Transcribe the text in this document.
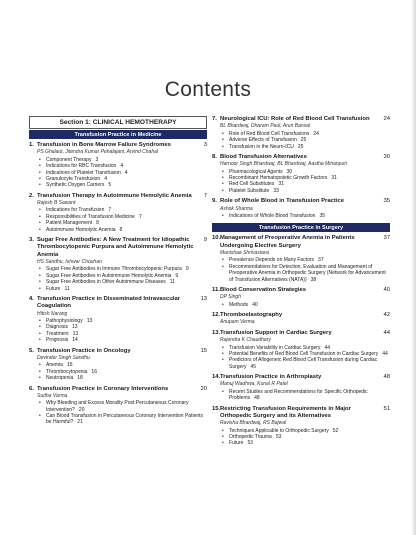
Contents
Section 1: CLINICAL HEMOTHERAPY
Transfusion Practice in Medicine
1. Transfusion in Bone Marrow Failure Syndromes	3
PS Ghalaut, Jitendra Kumar Pehalajani, Arvind Chahal
•	Component Therapy 3
•	Indications for RBC Transfusion 4
•	Indications of Platelet Transfusion 4
•	Granulocyte Transfusion 4
•	Synthetic Oxygen Carriers 5
2. Transfusion Therapy in Autoimmune Hemolytic Anemia	7
Rajesh B Sawant
•	Indications for Transfusion 7
•	Responsibilities of Transfusion Medicine 7
•	Patient Management 8
•	Autoimmune Hemolytic Anemia 8
3. Sugar Free Antibodies: A New Treatment for Idiopathic Thrombocytopenic Purpura and Autoimmune Hemolytic Anemia
9
HS Sandhu, Ishwar Chouhan
•	Sugar Free Antibodies in Immune Thrombocytopenic Purpura 9
•	Sugar Free Antibodies in Autoimmune Hemolytic Anemia 9
•	Sugar Free Antibodies in Other Autoimmune Diseases 11
•	Future 11
4. Transfusion Practice in Disseminated Intravascular Coagulation
13
Hitish Narang
•	Pathophysiology 13
•	Diagnosis 13
•	Treatment 13
•	Prognosis 14
5. Transfusion Practice in Oncology	15
Devinder Singh Sandhu
•	Anemia 15
•	Thrombocytopenia 16
•	Neutropenia 18
6. Transfusion Practice in Coronary Interventions	20
Sudha Varma
•	Why Bleeding and Excess Morality Post Percutaneous Coronary Intervention? 20
•	Can Blood Transfusion in Percutaneous Coronary Intervention Patients be Harmful? 21
7. Neurological ICU: Role of Red Blood Cell Transfusion	24
BL Bhardwaj, Dharam Paul, Arun Bansal
•	Role of Red Blood Cell Transfusions 24
•	Adverse Effects of Transfusion 25
•	Transfusion in the Neuro-ICU 25
8. Blood Transfusion Alternatives	30
Harnoor Singh Bhardwaj, BL Bhardwaj, Aastha Minanpuri
•	Pharmacological Agents 30
•	Recombinant Hematopoietic Growth Factors 31
•	Red Cell Substitutes 31
•	Platelet Substitute 33
9. Role of Whole Blood in Transfusion Practice	35
Ashok Sharma
•	Indications of Whole Blood Transfusion 35
Transfusion Practice in Surgery
10. Management of Preoperative Anemia in Patients Undergoing Elective Surgery
37
Manishaa Shrivastava
•	Prevalence Depends on Many Factors 37
•	Recommendations for Detection, Evaluation and Management of Preoperative Anemia in Orthopedic Surgery (Network for Advancement of Transfusion Alternatives (NATA)) 38
11. Blood Conservation Strategies	40
DP Singh
•	Methods 40
12. Thromboelastography	42
Anupam Verma
13. Transfusion Support in Cardiac Surgery	44
Rajendra K Chaudhary
•	Transfusion Variability in Cardiac Surgery 44
•	Potential Benefits of Red Blood Cell Transfusion in Cardiac Surgery 44
•	Predictors of Allogeneic Red Blood Cell Transfusion during Cardiac Surgery 45
14. Transfusion Practice in Arthroplasty	48
Manuj Wadhwa, Kunal R Patel
•	Recent Studies and Recommendations for Specific Orthopedic Problems 48
15. Restricting Transfusion Requirements in Major Orthopedic Surgery and its Alternatives
51
Ravisha Bhardwaj, RS Bajwal
•	Techniques Applicable to Orthopedic Surgery 52
•	Orthopedic Trauma 53
•	Future 53
